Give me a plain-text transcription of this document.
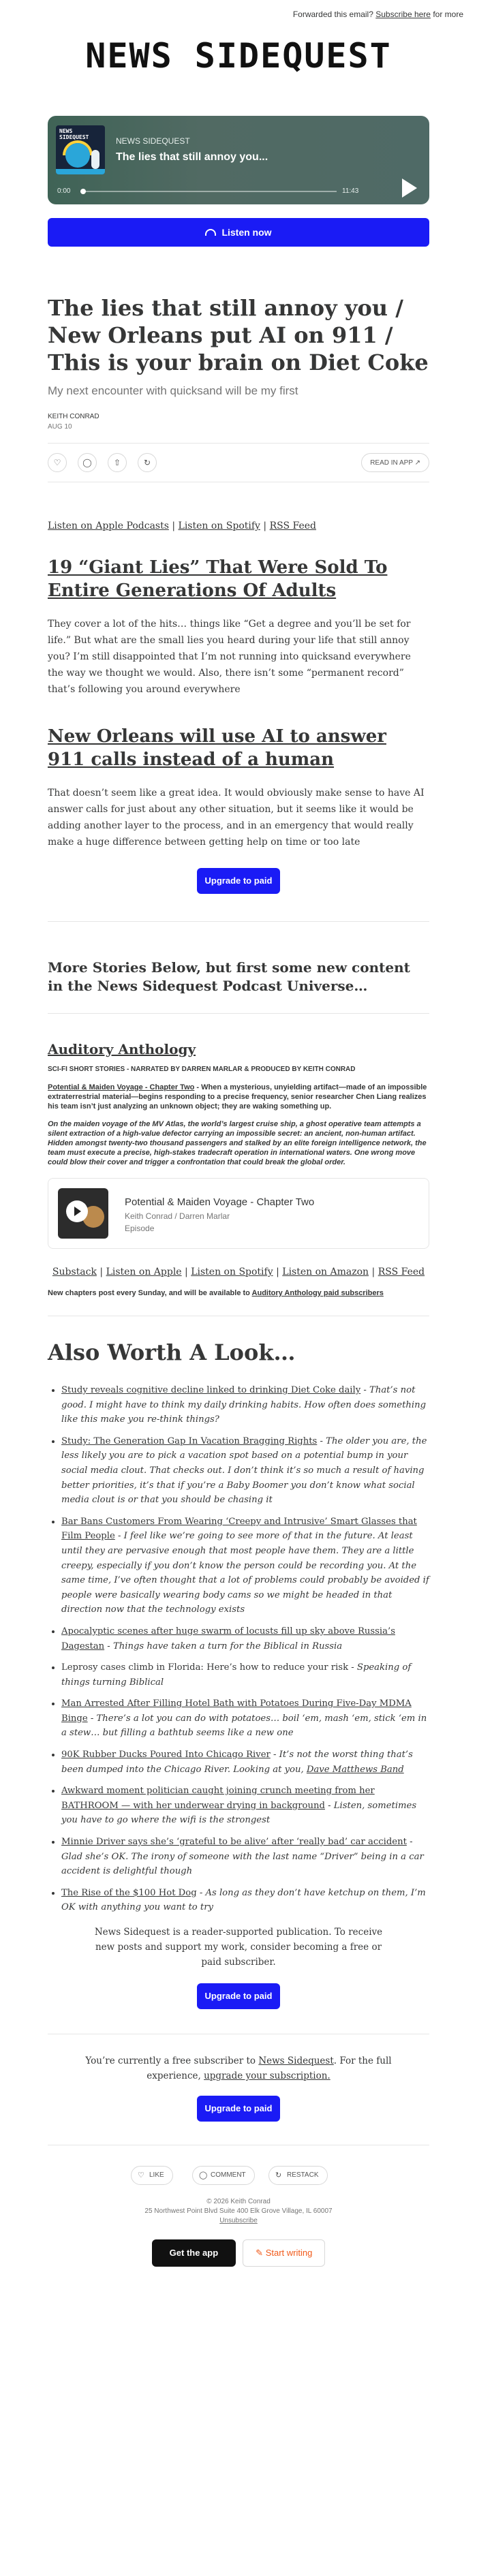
Forwarded this email? Subscribe here for more
NEWS SIDEQUEST
NEWS SIDEQUEST	NEWS SIDEQUEST
The lies that still annoy you...
0:00	11:43
Listen now
The lies that still annoy you / New Orleans put AI on 911 / This is your brain on Diet Coke
My next encounter with quicksand will be my first
KEITH CONRAD
AUG 10
♡	◯	⇧	↻	READ IN APP ↗
Listen on Apple Podcasts | Listen on Spotify | RSS Feed
19 “Giant Lies” That Were Sold To Entire Generations Of Adults

They cover a lot of the hits… things like “Get a degree and you’ll be set for life.” But what are the small lies you heard during your life that still annoy you? I’m still disappointed that I’m not running into quicksand everywhere the way we thought we would. Also, there isn’t some “permanent record” that’s following you around everywhere

New Orleans will use AI to answer 911 calls instead of a human

That doesn’t seem like a great idea. It would obviously make sense to have AI answer calls for just about any other situation, but it seems like it would be adding another layer to the process, and in an emergency that would really make a huge difference between getting help on time or too late

Upgrade to paid
More Stories Below, but first some new content in the News Sidequest Podcast Universe…
Auditory Anthology
SCI-FI SHORT STORIES - NARRATED BY DARREN MARLAR & PRODUCED BY KEITH CONRAD

Potential & Maiden Voyage - Chapter Two - When a mysterious, unyielding artifact—made of an impossible extraterrestrial material—begins responding to a precise frequency, senior researcher Chen Liang realizes his team isn’t just analyzing an unknown object; they are waking something up.

On the maiden voyage of the MV Atlas, the world’s largest cruise ship, a ghost operative team attempts a silent extraction of a high-value defector carrying an impossible secret: an ancient, non-human artifact. Hidden amongst twenty-two thousand passengers and stalked by an elite foreign intelligence network, the team must execute a precise, high-stakes tradecraft operation in international waters. One wrong move could blow their cover and trigger a confrontation that could break the global order.

Potential & Maiden Voyage - Chapter Two
Keith Conrad / Darren Marlar
Episode
Substack | Listen on Apple | Listen on Spotify | Listen on Amazon | RSS Feed
New chapters post every Sunday, and will be available to Auditory Anthology paid subscribers
Also Worth A Look…
• Study reveals cognitive decline linked to drinking Diet Coke daily - That’s not good. I might have to think my daily drinking habits. How often does something like this make you re-think things?
• Study: The Generation Gap In Vacation Bragging Rights - The older you are, the less likely you are to pick a vacation spot based on a potential bump in your social media clout. That checks out. I don’t think it’s so much a result of having better priorities, it’s that if you’re a Baby Boomer you don’t know what social media clout is or that you should be chasing it
• Bar Bans Customers From Wearing ‘Creepy and Intrusive’ Smart Glasses that Film People - I feel like we’re going to see more of that in the future. At least until they are pervasive enough that most people have them. They are a little creepy, especially if you don’t know the person could be recording you. At the same time, I’ve often thought that a lot of problems could probably be avoided if people were basically wearing body cams so we might be headed in that direction now that the technology exists
• Apocalyptic scenes after huge swarm of locusts fill up sky above Russia’s Dagestan - Things have taken a turn for the Biblical in Russia
• Leprosy cases climb in Florida: Here’s how to reduce your risk - Speaking of things turning Biblical
• Man Arrested After Filling Hotel Bath with Potatoes During Five-Day MDMA Binge - There’s a lot you can do with potatoes… boil ‘em, mash ‘em, stick ‘em in a stew… but filling a bathtub seems like a new one
• 90K Rubber Ducks Poured Into Chicago River - It’s not the worst thing that’s been dumped into the Chicago River. Looking at you, Dave Matthews Band
• Awkward moment politician caught joining crunch meeting from her BATHROOM — with her underwear drying in background - Listen, sometimes you have to go where the wifi is the strongest
• Minnie Driver says she’s ‘grateful to be alive’ after ‘really bad’ car accident - Glad she’s OK. The irony of someone with the last name “Driver” being in a car accident is delightful though
• The Rise of the $100 Hot Dog - As long as they don’t have ketchup on them, I’m OK with anything you want to try
News Sidequest is a reader-supported publication. To receive new posts and support my work, consider becoming a free or paid subscriber.
Upgrade to paid
You’re currently a free subscriber to News Sidequest. For the full experience, upgrade your subscription.
Upgrade to paid
♡ LIKE	◯ COMMENT	↻ RESTACK
© 2026 Keith Conrad
25 Northwest Point Blvd Suite 400 Elk Grove Village, IL 60007
Unsubscribe
Get the app	✎ Start writing
